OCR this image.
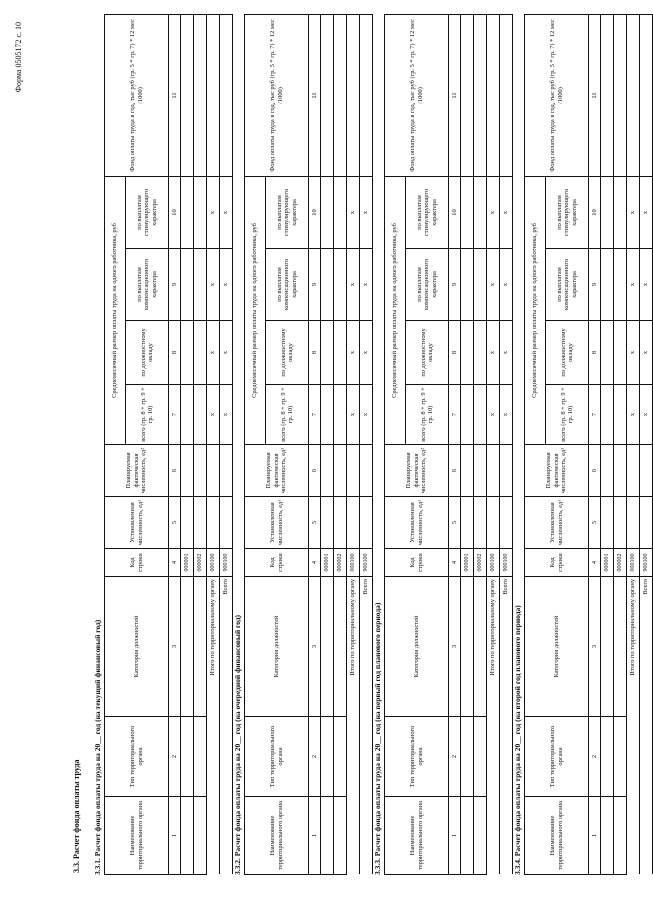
Форма 0505172 с. 10
3.3. Расчет фонда оплаты труда 3.3.1. Расчет фонда оплаты труда на 20__ год (на текущий финансовый год)	Наименование территориального органа	Тип территориального органа	Категория должностей	Код строки	Установленная численность, ед¹	Планируемая фактическая численность, ед²	Среднемесячный размер оплаты труда на одного работника, руб				Фонд оплаты труда в год, тыс руб (гр. 5 * гр. 7) * 12 мес /1000)
						всего (гр. 8 + гр. 9 + гр. 10)	по должностному окладу	по выплатам компенсационного характера	по выплатам стимулирующего характера	
1	2	3	4	5	6	7	8	9	10	11
			000001							
			000002							
Итого по территориальному органу			000100			x	x	x	x	
Всего			900100			x	x	x	x	
3.3.2. Расчет фонда оплаты труда на 20__ год (на очередной финансовый год)	Наименование территориального органа	Тип территориального органа	Категория должностей	Код строки	Установленная численность, ед¹	Планируемая фактическая численность, ед²	Среднемесячный размер оплаты труда на одного работника, руб				Фонд оплаты труда в год, тыс руб (гр. 5 * гр. 7) * 12 мес /1000)
						всего (гр. 8 + гр. 9 + гр. 10)	по должностному окладу	по выплатам компенсационного характера	по выплатам стимулирующего характера	
1	2	3	4	5	6	7	8	9	10	11
			000001							
			000002							
Итого по территориальному органу			000100			x	x	x	x	
Всего			900100			x	x	x	x	
3.3.3. Расчет фонда оплаты труда на 20__ год (на первый год планового периода)	Наименование территориального органа	Тип территориального органа	Категория должностей	Код строки	Установленная численность, ед¹	Планируемая фактическая численность, ед²	Среднемесячный размер оплаты труда на одного работника, руб				Фонд оплаты труда в год, тыс руб (гр. 5 * гр. 7) * 12 мес /1000)
						всего (гр. 8 + гр. 9 + гр. 10)	по должностному окладу	по выплатам компенсационного характера	по выплатам стимулирующего характера	
1	2	3	4	5	6	7	8	9	10	11
			000001							
			000002							
Итого по территориальному органу			000100			x	x	x	x	
Всего			900100			x	x	x	x	
3.3.4. Расчет фонда оплаты труда на 20__ год (на второй год планового периода)	Наименование территориального органа	Тип территориального органа	Категория должностей	Код строки	Установленная численность, ед¹	Планируемая фактическая численность, ед²	Среднемесячный размер оплаты труда на одного работника, руб				Фонд оплаты труда в год, тыс руб (гр. 5 * гр. 7) * 12 мес /1000)
						всего (гр. 8 + гр. 9 + гр. 10)	по должностному окладу	по выплатам компенсационного характера	по выплатам стимулирующего характера	
1	2	3	4	5	6	7	8	9	10	11
			000001							
			000002							
Итого по территориальному органу			000100			x	x	x	x	
Всего			900100			x	x	x	x	
